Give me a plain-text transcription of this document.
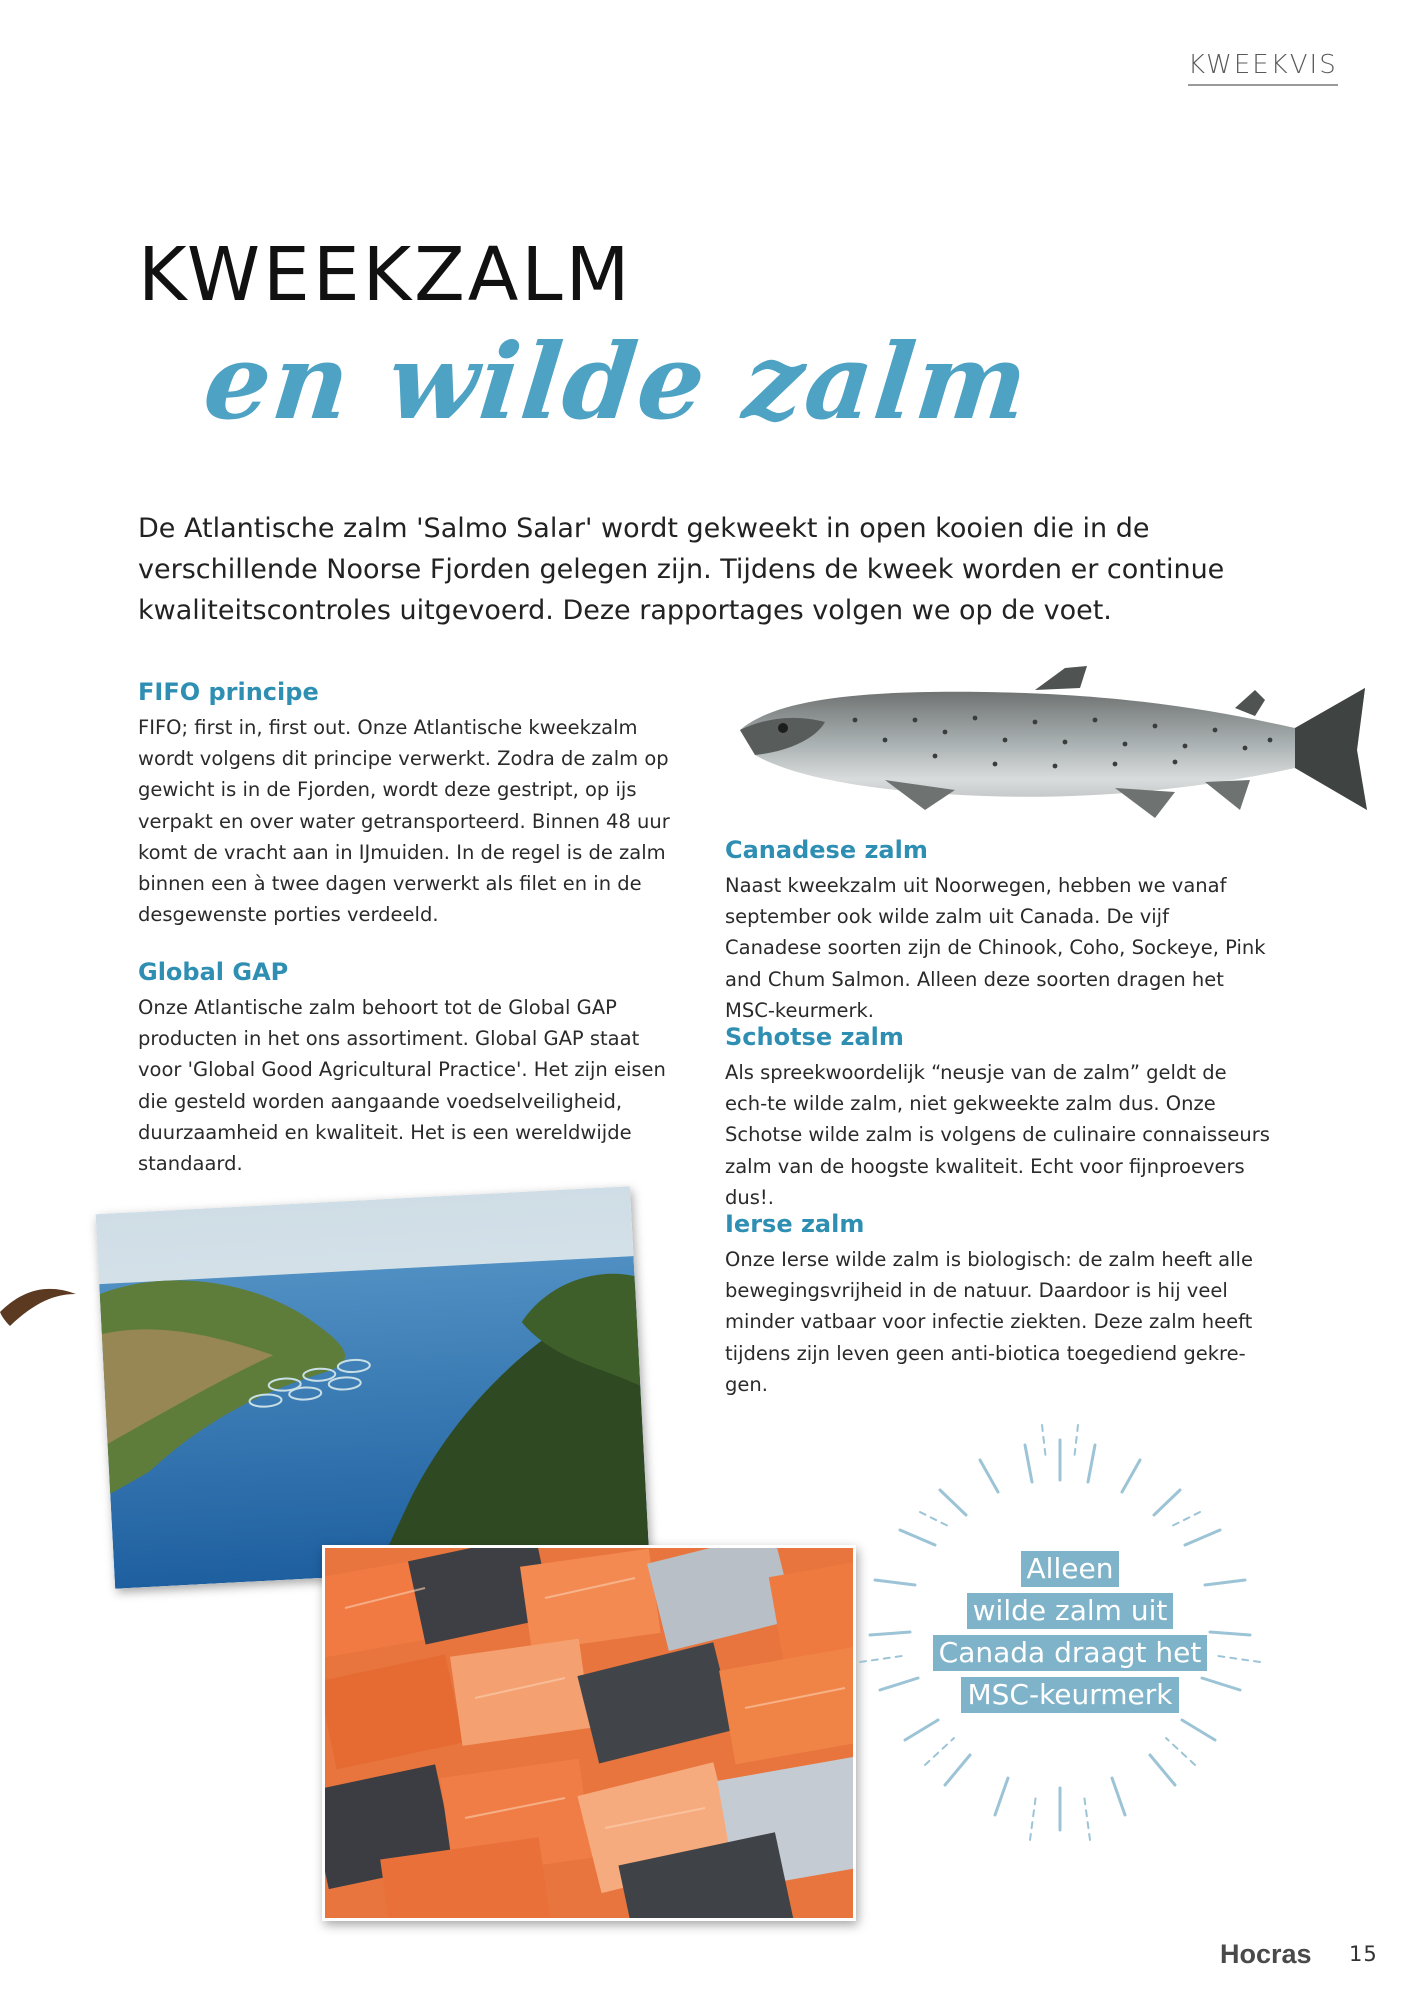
KWEEKVIS
KWEEKZALM
en wilde zalm

De Atlantische zalm 'Salmo Salar' wordt gekweekt in open kooien die in de verschillende Noorse Fjorden gelegen zijn. Tijdens de kweek worden er continue kwaliteitscontroles uitgevoerd. Deze rapportages volgen we op de voet.

FIFO principe

FIFO; first in, first out. Onze Atlantische kweekzalm wordt volgens dit principe verwerkt. Zodra de zalm op gewicht is in de Fjorden, wordt deze gestript, op ijs verpakt en over water getransporteerd. Binnen 48 uur komt de vracht aan in IJmuiden. In de regel is de zalm binnen een à twee dagen verwerkt als filet en in de desgewenste porties verdeeld.

Global GAP

Onze Atlantische zalm behoort tot de Global GAP producten in het ons assortiment. Global GAP staat voor 'Global Good Agricultural Practice'. Het zijn eisen die gesteld worden aangaande voedselveiligheid, duurzaamheid en kwaliteit. Het is een wereldwijde standaard.

Canadese zalm

Naast kweekzalm uit Noorwegen, hebben we vanaf september ook wilde zalm uit Canada. De vijf Canadese soorten zijn de Chinook, Coho, Sockeye, Pink and Chum Salmon. Alleen deze soorten dragen het MSC-keurmerk.

Schotse zalm

Als spreekwoordelijk “neusje van de zalm” geldt de ech-te wilde zalm, niet gekweekte zalm dus. Onze Schotse wilde zalm is volgens de culinaire connaisseurs zalm van de hoogste kwaliteit. Echt voor fijnproevers dus!.

Ierse zalm

Onze Ierse wilde zalm is biologisch: de zalm heeft alle bewegingsvrijheid in de natuur. Daardoor is hij veel minder vatbaar voor infectie ziekten. Deze zalm heeft tijdens zijn leven geen anti-biotica toegediend gekre-gen.

Alleen
wilde zalm uit
Canada draagt het
MSC-keurmerk
Hocras 15
